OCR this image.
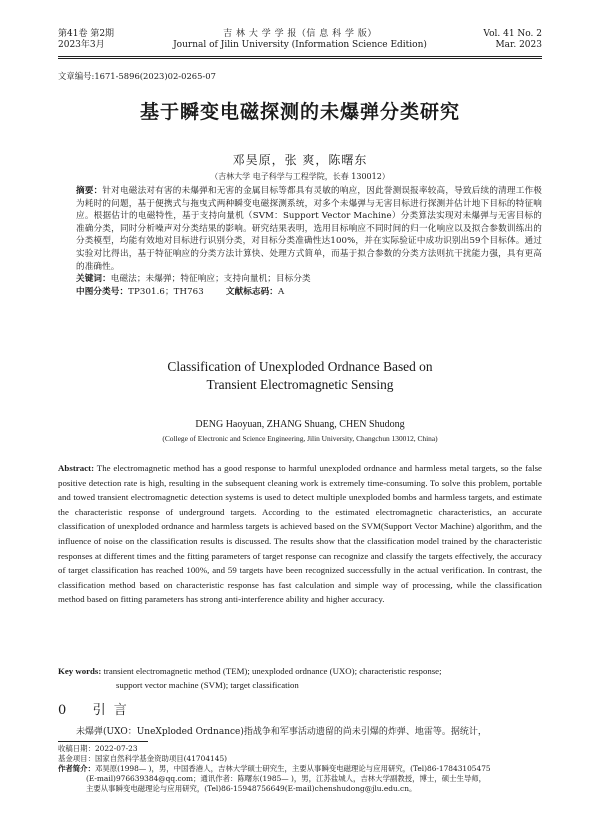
第41卷 第2期
2023年3月
吉 林 大 学 学 报（信 息 科 学 版）
Journal of Jilin University (Information Science Edition)
Vol. 41 No. 2
Mar. 2023
文章编号:1671-5896(2023)02-0265-07
基于瞬变电磁探测的未爆弹分类研究
邓昊原，张 爽，陈曙东
（吉林大学 电子科学与工程学院，长春 130012）

摘要：针对电磁法对有害的未爆弹和无害的金属目标等都具有灵敏的响应，因此誉测误报率较高，导致后续的清理工作极为耗时的问题，基于便携式与拖曳式两种瞬变电磁探测系统，对多个未爆弹与无害目标进行探测并估计地下目标的特征响应。根据估计的电磁特性，基于支持向量机（SVM：Support Vector Machine）分类算法实现对未爆弹与无害目标的准确分类，同时分析噪声对分类结果的影响。研究结果表明，选用目标响应不同时间的归一化响应以及拟合参数训练出的分类模型，均能有效地对目标进行识别分类，对目标分类准确性达100%，并在实际验证中成功识别出59个目标体。通过实验对比得出，基于特征响应的分类方法计算快、处理方式简单，而基于拟合参数的分类方法则抗干扰能力强，具有更高的准确性。

关键词：电磁法；未爆弹；特征响应；支持向量机；目标分类

中图分类号：TP301.6；TH763	文献标志码：A

Classification of Unexploded Ordnance Based on
Transient Electromagnetic Sensing
DENG Haoyuan, ZHANG Shuang, CHEN Shudong
(College of Electronic and Science Engineering, Jilin University, Changchun 130012, China)

Abstract: The electromagnetic method has a good response to harmful unexploded ordnance and harmless metal targets, so the false positive detection rate is high, resulting in the subsequent cleaning work is extremely time-consuming. To solve this problem, portable and towed transient electromagnetic detection systems is used to detect multiple unexploded bombs and harmless targets, and estimate the characteristic response of underground targets. According to the estimated electromagnetic characteristics, an accurate classification of unexploded ordnance and harmless targets is achieved based on the SVM(Support Vector Machine) algorithm, and the influence of noise on the classification results is discussed. The results show that the classification model trained by the characteristic responses at different times and the fitting parameters of target response can recognize and classify the targets effectively, the accuracy of target classification has reached 100%, and 59 targets have been recognized successfully in the actual verification. In contrast, the classification method based on characteristic response has fast calculation and simple way of processing, while the classification method based on fitting parameters has strong anti-interference ability and higher accuracy.

Key words: transient electromagnetic method (TEM); unexploded ordnance (UXO); characteristic response;
support vector machine (SVM); target classification
0 引 言
未爆弹(UXO：UneXploded Ordnance)指战争和军事活动遗留的尚未引爆的炸弹、地雷等。据统计，
收稿日期：2022-07-23
基金项目：国家自然科学基金资助项目(41704145)
作者简介：邓昊原(1998— )，男，中国香港人，吉林大学硕士研究生，主要从事瞬变电磁理论与应用研究，(Tel)86-17843105475
(E-mail)976639384@qq.com；通讯作者：陈曙东(1985— )，男，江苏盐城人，吉林大学副教授，博士，硕士生导师，
主要从事瞬变电磁理论与应用研究，(Tel)86-15948756649(E-mail)chenshudong@jlu.edu.cn。
